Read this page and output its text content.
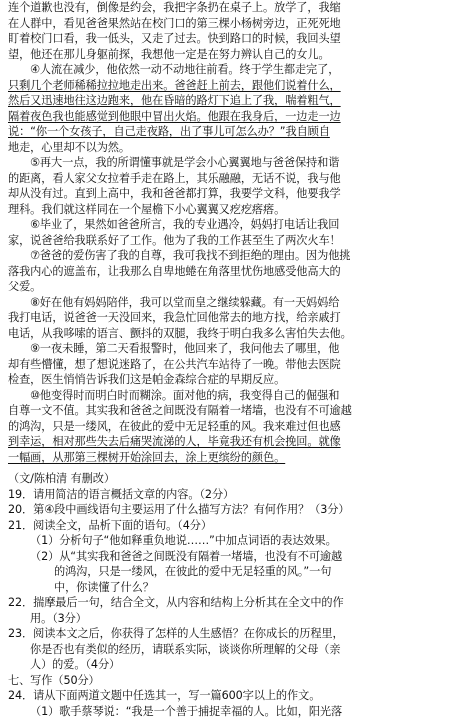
连个道歉也没有，倒像是约会，我把字条扔在桌子上。放学了，我缩
在人群中，看见爸爸果然站在校门口的第三棵小杨树旁边，正死死地
盯着校门口看，我一低头，又走了过去。快到路口的时候，我回头望
望，他还在那儿身躯前探，我想他一定是在努力辨认自己的女儿。
④人流在减少，他依然一动不动地往前看。终于学生都走完了，
只剩几个老师稀稀拉拉地走出来。爸爸赶上前去，跟他们说着什么，
然后又迅速地往这边跑来，他在昏暗的路灯下追上了我，喘着粗气，
隔着夜色我也能感觉到他眼中冒出火焰。他跟在我身后，一边走一边
说：“你一个女孩子，自己走夜路，出了事儿可怎么办？”我自顾自
地走，心里却不以为然。
⑤再大一点，我的所谓懂事就是学会小心翼翼地与爸爸保持和谐
的距离，看人家父女拉着手走在路上，其乐融融，无话不说，我与他
却从没有过。直到上高中，我和爸爸都打算，我要学文科，他要我学
理科。我们就这样同在一个屋檐下小心翼翼又疙疙瘩瘩。
⑥毕业了，果然如爸爸所言，我的专业遇冷，妈妈打电话让我回
家，说爸爸给我联系好了工作。他为了我的工作甚至生了两次火车！
⑦爸爸的爱伤害了我的自尊，我可我找不到拒绝的理由。因为他挑
落我内心的遮盖布，让我那么自卑地蜷在角落里忧伤地感受他高大的
父爱。
⑧好在他有妈妈陪伴，我可以堂而皇之继续躲藏。有一天妈妈给
我打电话，说爸爸一天没回来，我急忙回他常去的地方找，给亲戚打
电话，从我哆嗦的语言、颤抖的双腿，我终于明白我多么害怕失去他。
⑨一夜未睡，第二天看报警时，他回来了，我问他去了哪里，他
却有些懵懂，想了想说迷路了，在公共汽车站待了一晚。带他去医院
检查，医生悄悄告诉我们这是帕金森综合症的早期反应。
⑩他变得时而明白时而糊涂。面对他的病，我变得自己的倔强和
自尊一文不值。其实我和爸爸之间既没有隔着一堵墙，也没有不可逾越
的鸿沟，只是一缕风，在彼此的爱中无足轻重的风。我来难过但也感
到幸运，相对那些失去后痛哭流涕的人，毕竟我还有机会挽回。就像
一幅画，从那第三棵树开始涂回去，涂上更缤纷的颜色。
（文/陈柏清 有删改）
19．请用简洁的语言概括文章的内容。（2分）
20．第④段中画线语句主要运用了什么描写方法？有何作用？（3分）
21．阅读全文，品析下面的语句。（4分）
（1）分析句子“他如释重负地说……”中加点词语的表达效果。
（2）从“其实我和爸爸之间既没有隔着一堵墙，也没有不可逾越
的鸿沟，只是一缕风，在彼此的爱中无足轻重的风。”一句
中，你读懂了什么？
22．揣摩最后一句，结合全文，从内容和结构上分析其在全文中的作
用。（3分）
23．阅读本文之后，你获得了怎样的人生感悟？在你成长的历程里，
你是否也有类似的经历，请联系实际，谈谈你所理解的父母（亲
人）的爱。（4分）
七、写作（50分）
24．请从下面两道文题中任选其一，写一篇600字以上的作文。
（1）歌手蔡琴说：“我是一个善于捕捉幸福的人。比如，阳光落
